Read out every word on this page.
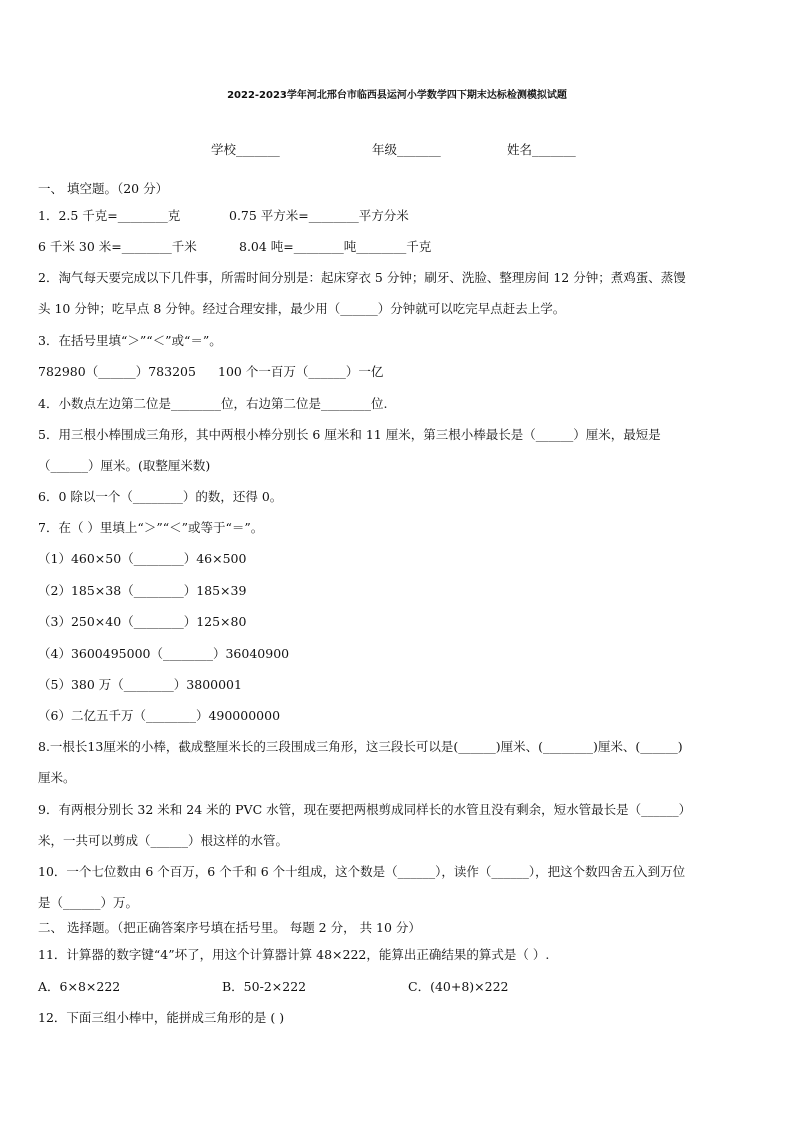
2022-2023学年河北邢台市临西县运河小学数学四下期末达标检测模拟试题
学校_______	年级_______	姓名_______
一、 填空题。（20 分）
1．2.5 千克=________克	0.75 平方米=________平方分米
6 千米 30 米=________千米	8.04 吨=________吨________千克
2．淘气每天要完成以下几件事，所需时间分别是：起床穿衣 5 分钟；刷牙、洗脸、整理房间 12 分钟；煮鸡蛋、蒸馒
头 10 分钟；吃早点 8 分钟。经过合理安排，最少用（______）分钟就可以吃完早点赶去上学。
3．在括号里填“＞”“＜”或“＝”。
782980（______）783205 100 个一百万（______）一亿
4．小数点左边第二位是________位，右边第二位是________位.
5．用三根小棒围成三角形，其中两根小棒分别长 6 厘米和 11 厘米，第三根小棒最长是（______）厘米，最短是
（______）厘米。(取整厘米数)
6．0 除以一个（________）的数，还得 0。
7．在（ ）里填上“＞”“＜”或等于“＝”。
（1）460×50（________）46×500
（2）185×38（________）185×39
（3）250×40（________）125×80
（4）3600495000（________）36040900
（5）380 万（________）3800001
（6）二亿五千万（________）490000000
8.一根长13厘米的小棒，截成整厘米长的三段围成三角形，这三段长可以是(______)厘米、(________)厘米、(______)
厘米。
9．有两根分别长 32 米和 24 米的 PVC 水管，现在要把两根剪成同样长的水管且没有剩余，短水管最长是（______）
米，一共可以剪成（______）根这样的水管。
10．一个七位数由 6 个百万，6 个千和 6 个十组成，这个数是（______），读作（______），把这个数四舍五入到万位
是（______）万。
二、 选择题。（把正确答案序号填在括号里。 每题 2 分， 共 10 分）
11．计算器的数字键“4”坏了，用这个计算器计算 48×222，能算出正确结果的算式是（ ）.
A．6×8×222	B．50-2×222	C．(40+8)×222
12．下面三组小棒中，能拼成三角形的是 ( )
